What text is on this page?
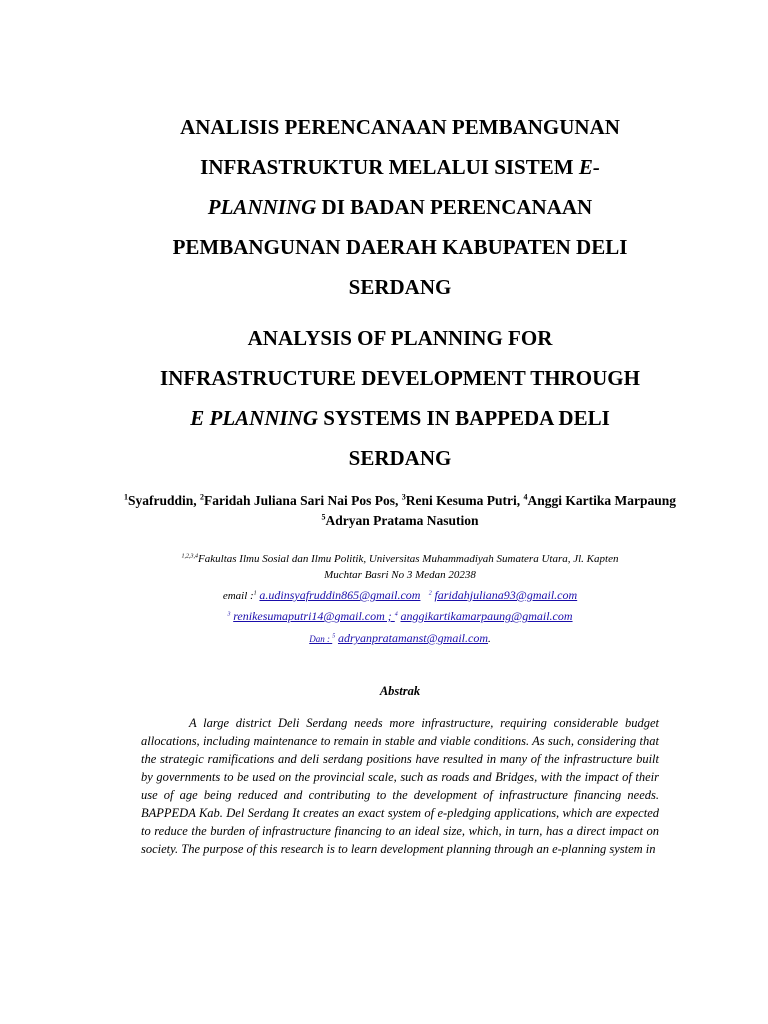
ANALISIS PERENCANAAN PEMBANGUNAN
INFRASTRUKTUR MELALUI SISTEM E-
PLANNING DI BADAN PERENCANAAN
PEMBANGUNAN DAERAH KABUPATEN DELI
SERDANG
ANALYSIS OF PLANNING FOR
INFRASTRUCTURE DEVELOPMENT THROUGH
E PLANNING SYSTEMS IN BAPPEDA DELI
SERDANG
$^1$Syafruddin, $^2$Faridah Juliana Sari Nai Pos Pos, $^3$Reni Kesuma Putri, $^4$Anggi Kartika Marpaung $^5$Adryan Pratama Nasution
$^{1,2,3,4}$Fakultas Ilmu Sosial dan Ilmu Politik, Universitas Muhammadiyah Sumatera Utara, Jl. Kapten
Muchtar Basri No 3 Medan 20238
email :$^1$ a.udinsyafruddin865@gmail.com $^2$ faridahjuliana93@gmail.com
$^3$ renikesumaputri14@gmail.com ; $^4$ anggikartikamarpaung@gmail.com
Dan : $^5$ adryanpratamanst@gmail.com.
Abstrak
A large district Deli Serdang needs more infrastructure, requiring considerable budget allocations, including maintenance to remain in stable and viable conditions. As such, considering that the strategic ramifications and deli serdang positions have resulted in many of the infrastructure built by governments to be used on the provincial scale, such as roads and Bridges, with the impact of their use of age being reduced and contributing to the development of infrastructure financing needs. BAPPEDA Kab. Del Serdang It creates an exact system of e-pledging applications, which are expected to reduce the burden of infrastructure financing to an ideal size, which, in turn, has a direct impact on society. The purpose of this research is to learn development planning through an e-planning system in
